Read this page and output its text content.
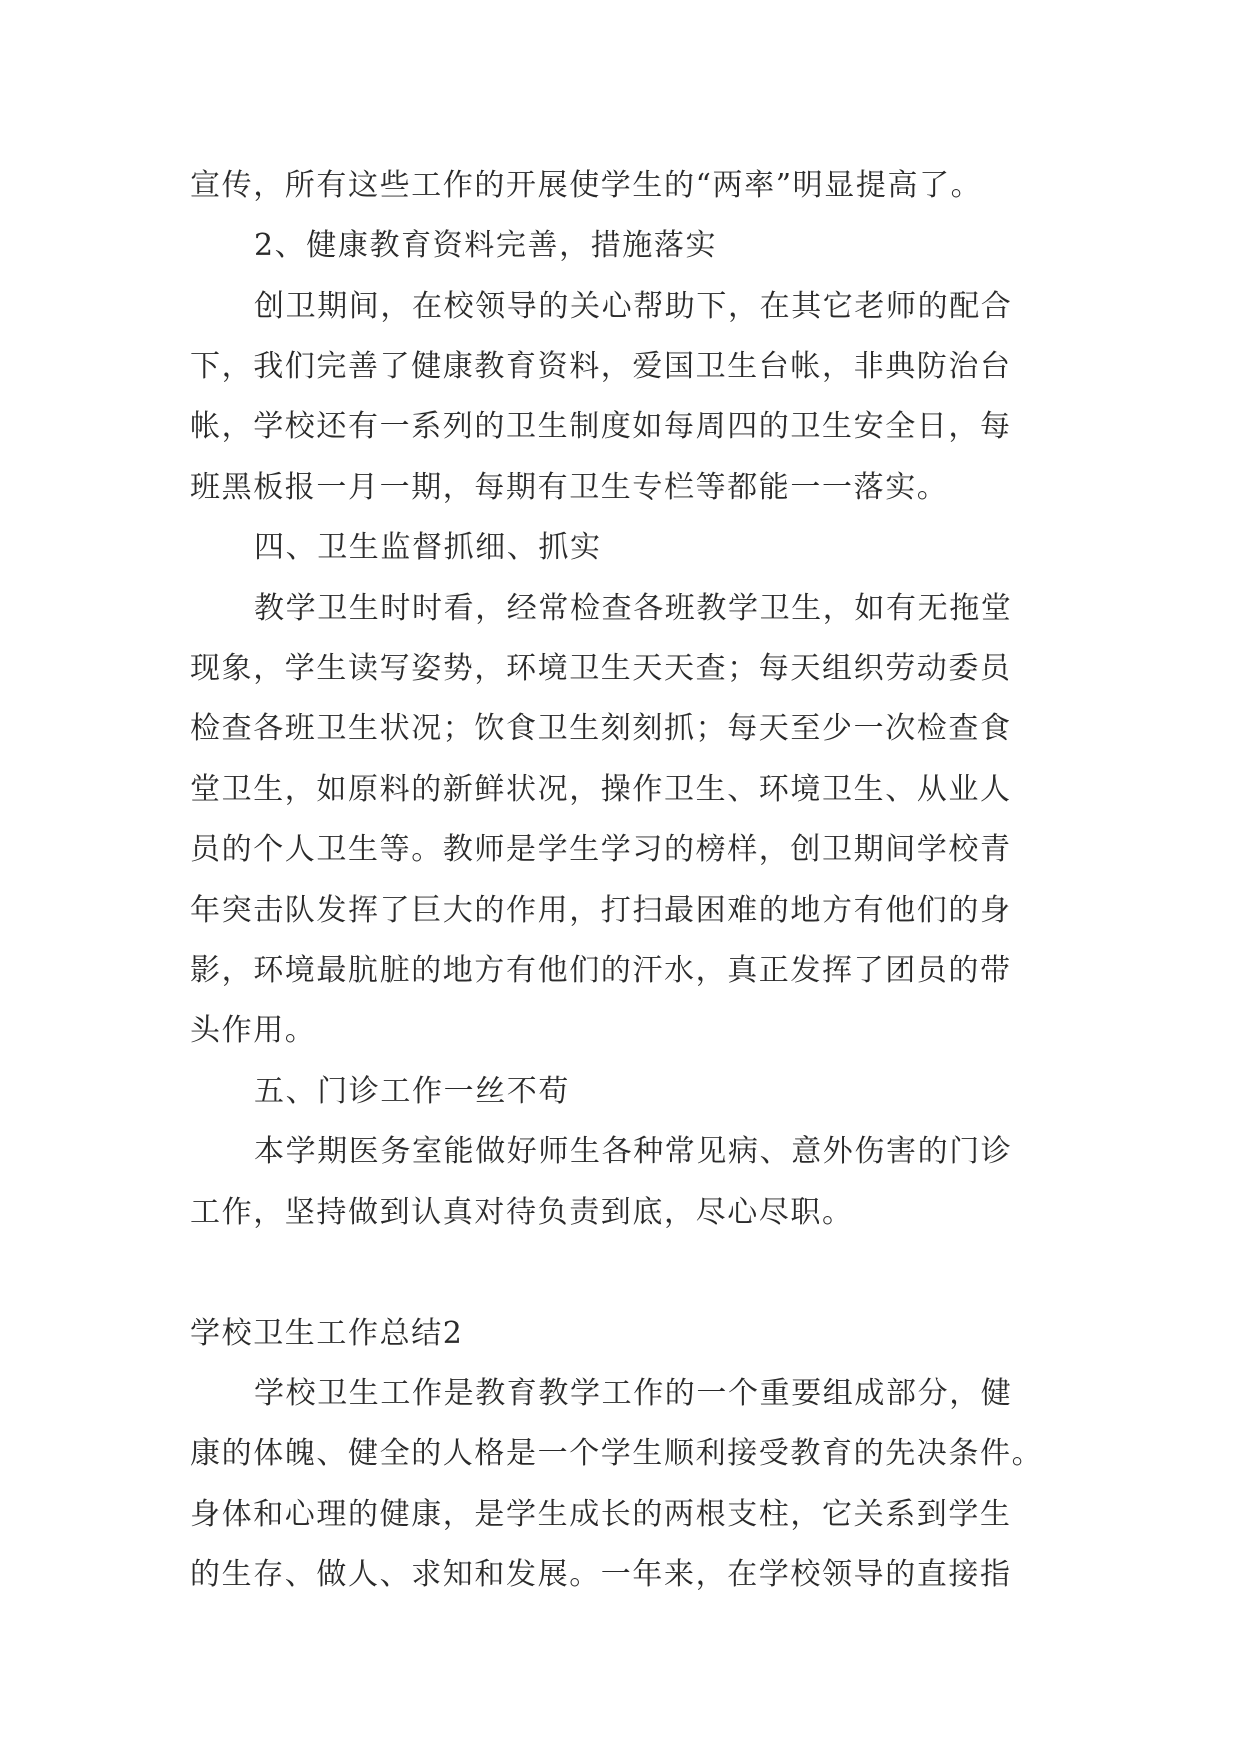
宣传，所有这些工作的开展使学生的“两率”明显提高了。
2、健康教育资料完善，措施落实
创卫期间，在校领导的关心帮助下，在其它老师的配合
下，我们完善了健康教育资料，爱国卫生台帐，非典防治台
帐，学校还有一系列的卫生制度如每周四的卫生安全日，每
班黑板报一月一期，每期有卫生专栏等都能一一落实。
四、卫生监督抓细、抓实
教学卫生时时看，经常检查各班教学卫生，如有无拖堂
现象，学生读写姿势，环境卫生天天查；每天组织劳动委员
检查各班卫生状况；饮食卫生刻刻抓；每天至少一次检查食
堂卫生，如原料的新鲜状况，操作卫生、环境卫生、从业人
员的个人卫生等。教师是学生学习的榜样，创卫期间学校青
年突击队发挥了巨大的作用，打扫最困难的地方有他们的身
影，环境最肮脏的地方有他们的汗水，真正发挥了团员的带
头作用。
五、门诊工作一丝不苟
本学期医务室能做好师生各种常见病、意外伤害的门诊
工作，坚持做到认真对待负责到底，尽心尽职。
学校卫生工作总结2
学校卫生工作是教育教学工作的一个重要组成部分，健
康的体魄、健全的人格是一个学生顺利接受教育的先决条件。
身体和心理的健康，是学生成长的两根支柱，它关系到学生
的生存、做人、求知和发展。一年来，在学校领导的直接指
